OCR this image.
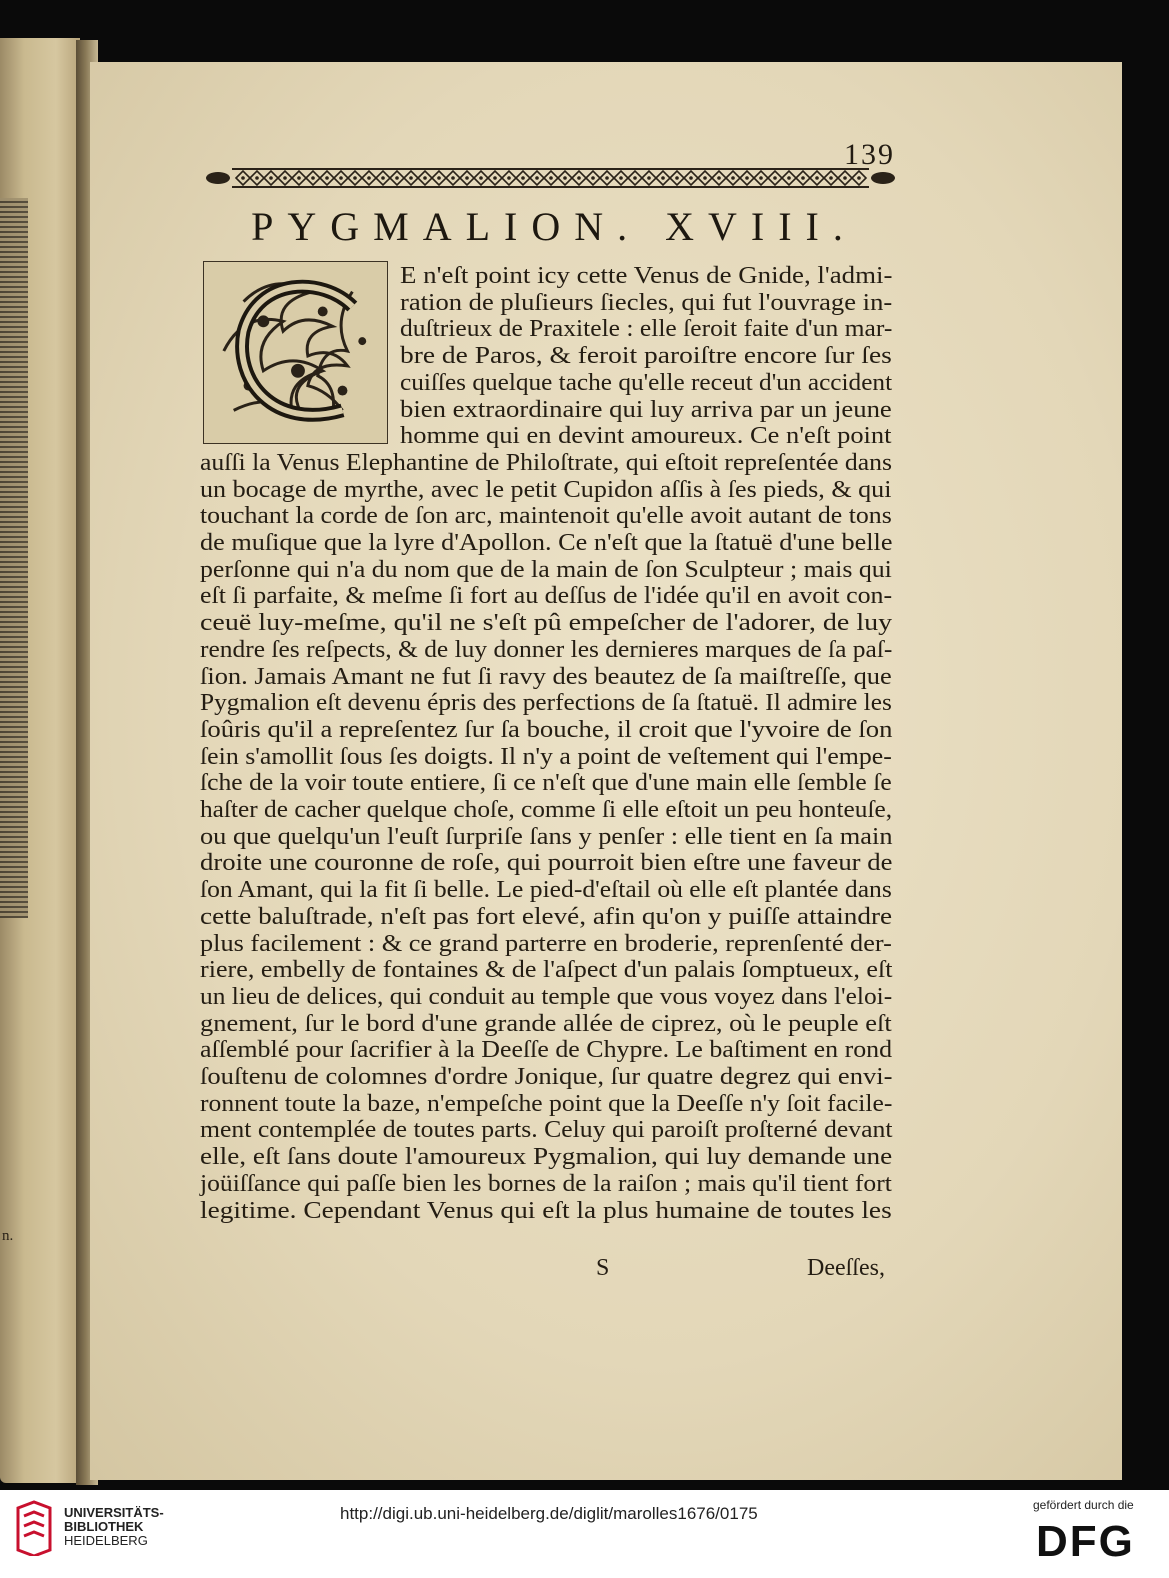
n.
139
PYGMALION. XVIII.
E n'eſt point icy cette Venus de Gnide, l'admi-
ration de pluſieurs ſiecles, qui fut l'ouvrage in-
duſtrieux de Praxitele : elle ſeroit faite d'un mar-
bre de Paros, & feroit paroiſtre encore ſur ſes
cuiſſes quelque tache qu'elle receut d'un accident
bien extraordinaire qui luy arriva par un jeune
homme qui en devint amoureux. Ce n'eſt point
auſſi la Venus Elephantine de Philoſtrate, qui eſtoit repreſentée dans
un bocage de myrthe, avec le petit Cupidon aſſis à ſes pieds, & qui
touchant la corde de ſon arc, maintenoit qu'elle avoit autant de tons
de muſique que la lyre d'Apollon. Ce n'eſt que la ſtatuë d'une belle
perſonne qui n'a du nom que de la main de ſon Sculpteur ; mais qui
eſt ſi parfaite, & meſme ſi fort au deſſus de l'idée qu'il en avoit con-
ceuë luy-meſme, qu'il ne s'eſt pû empeſcher de l'adorer, de luy
rendre ſes reſpects, & de luy donner les dernieres marques de ſa paſ-
ſion. Jamais Amant ne fut ſi ravy des beautez de ſa maiſtreſſe, que
Pygmalion eſt devenu épris des perfections de ſa ſtatuë. Il admire les
ſoûris qu'il a repreſentez ſur ſa bouche, il croit que l'yvoire de ſon
ſein s'amollit ſous ſes doigts. Il n'y a point de veſtement qui l'empe-
ſche de la voir toute entiere, ſi ce n'eſt que d'une main elle ſemble ſe
haſter de cacher quelque choſe, comme ſi elle eſtoit un peu honteuſe,
ou que quelqu'un l'euſt ſurpriſe ſans y penſer : elle tient en ſa main
droite une couronne de roſe, qui pourroit bien eſtre une faveur de
ſon Amant, qui la fit ſi belle. Le pied-d'eſtail où elle eſt plantée dans
cette baluſtrade, n'eſt pas fort elevé, afin qu'on y puiſſe attaindre
plus facilement : & ce grand parterre en broderie, reprenſenté der-
riere, embelly de fontaines & de l'aſpect d'un palais ſomptueux, eſt
un lieu de delices, qui conduit au temple que vous voyez dans l'eloi-
gnement, ſur le bord d'une grande allée de ciprez, où le peuple eſt
aſſemblé pour ſacrifier à la Deeſſe de Chypre. Le baſtiment en rond
ſouſtenu de colomnes d'ordre Jonique, ſur quatre degrez qui envi-
ronnent toute la baze, n'empeſche point que la Deeſſe n'y ſoit facile-
ment contemplée de toutes parts. Celuy qui paroiſt proſterné devant
elle, eſt ſans doute l'amoureux Pygmalion, qui luy demande une
joüiſſance qui paſſe bien les bornes de la raiſon ; mais qu'il tient fort
legitime. Cependant Venus qui eſt la plus humaine de toutes les
S	Deeſſes,
UNIVERSITÄTS-
BIBLIOTHEK
HEIDELBERG
http://digi.ub.uni-heidelberg.de/diglit/marolles1676/0175	gefördert durch die
DFG
